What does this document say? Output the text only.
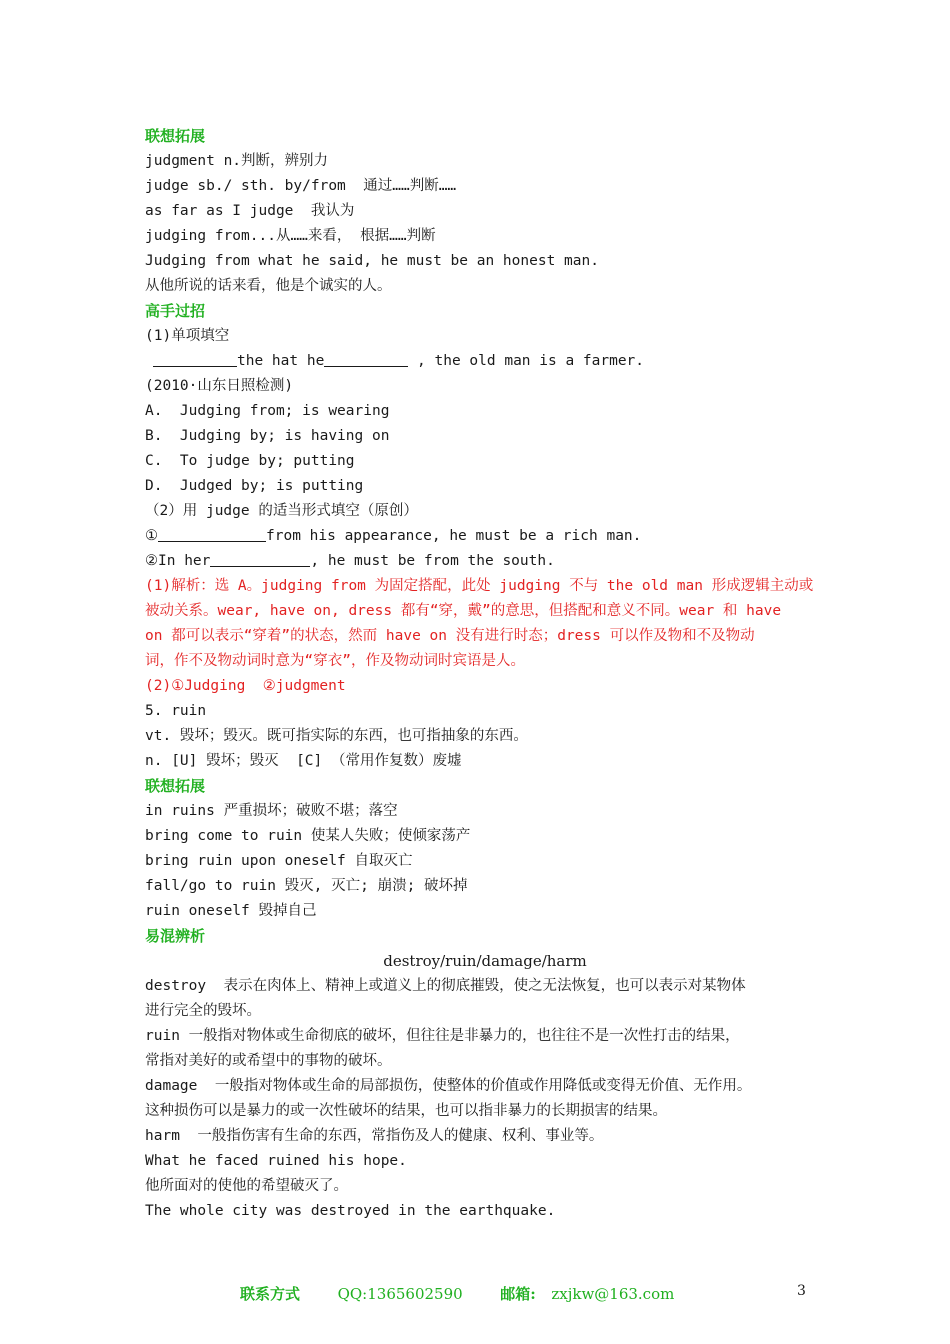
联想拓展
judgment n.判断，辨别力
judge sb./ sth. by/from  通过……判断……
as far as I judge  我认为
judging from...从……来看， 根据……判断
Judging from what he said, he must be an honest man.
从他所说的话来看，他是个诚实的人。
高手过招
(1)单项填空
the hat he	, the old man is a farmer.
(2010·山东日照检测)
A.  Judging from; is wearing
B.  Judging by; is having on
C.  To judge by; putting
D.  Judged by; is putting
（2）用 judge 的适当形式填空（原创）
①	from his appearance, he must be a rich man.
②In her	, he must be from the south.
(1)解析：选 A。judging from 为固定搭配，此处 judging 不与 the old man 形成逻辑主动或
被动关系。wear, have on, dress 都有“穿，戴”的意思，但搭配和意义不同。wear 和 have
on 都可以表示“穿着”的状态，然而 have on 没有进行时态；dress 可以作及物和不及物动
词，作不及物动词时意为“穿衣”，作及物动词时宾语是人。
(2)①Judging  ②judgment
5. ruin
vt. 毁坏；毁灭。既可指实际的东西，也可指抽象的东西。
n. [U] 毁坏；毁灭  [C] （常用作复数）废墟
联想拓展
in ruins 严重损坏；破败不堪；落空
bring come to ruin 使某人失败；使倾家荡产
bring ruin upon oneself 自取灭亡
fall/go to ruin 毁灭, 灭亡; 崩溃; 破坏掉
ruin oneself 毁掉自己
易混辨析
destroy/ruin/damage/harm
destroy  表示在肉体上、精神上或道义上的彻底摧毁，使之无法恢复，也可以表示对某物体
进行完全的毁坏。
ruin 一般指对物体或生命彻底的破坏，但往往是非暴力的，也往往不是一次性打击的结果，
常指对美好的或希望中的事物的破坏。
damage  一般指对物体或生命的局部损伤，使整体的价值或作用降低或变得无价值、无作用。
这种损伤可以是暴力的或一次性破坏的结果，也可以指非暴力的长期损害的结果。
harm  一般指伤害有生命的东西，常指伤及人的健康、权利、事业等。
What he faced ruined his hope.
他所面对的使他的希望破灭了。
The whole city was destroyed in the earthquake.
联系方式	QQ:1365602590	邮箱: zxjkw@163.com	3
